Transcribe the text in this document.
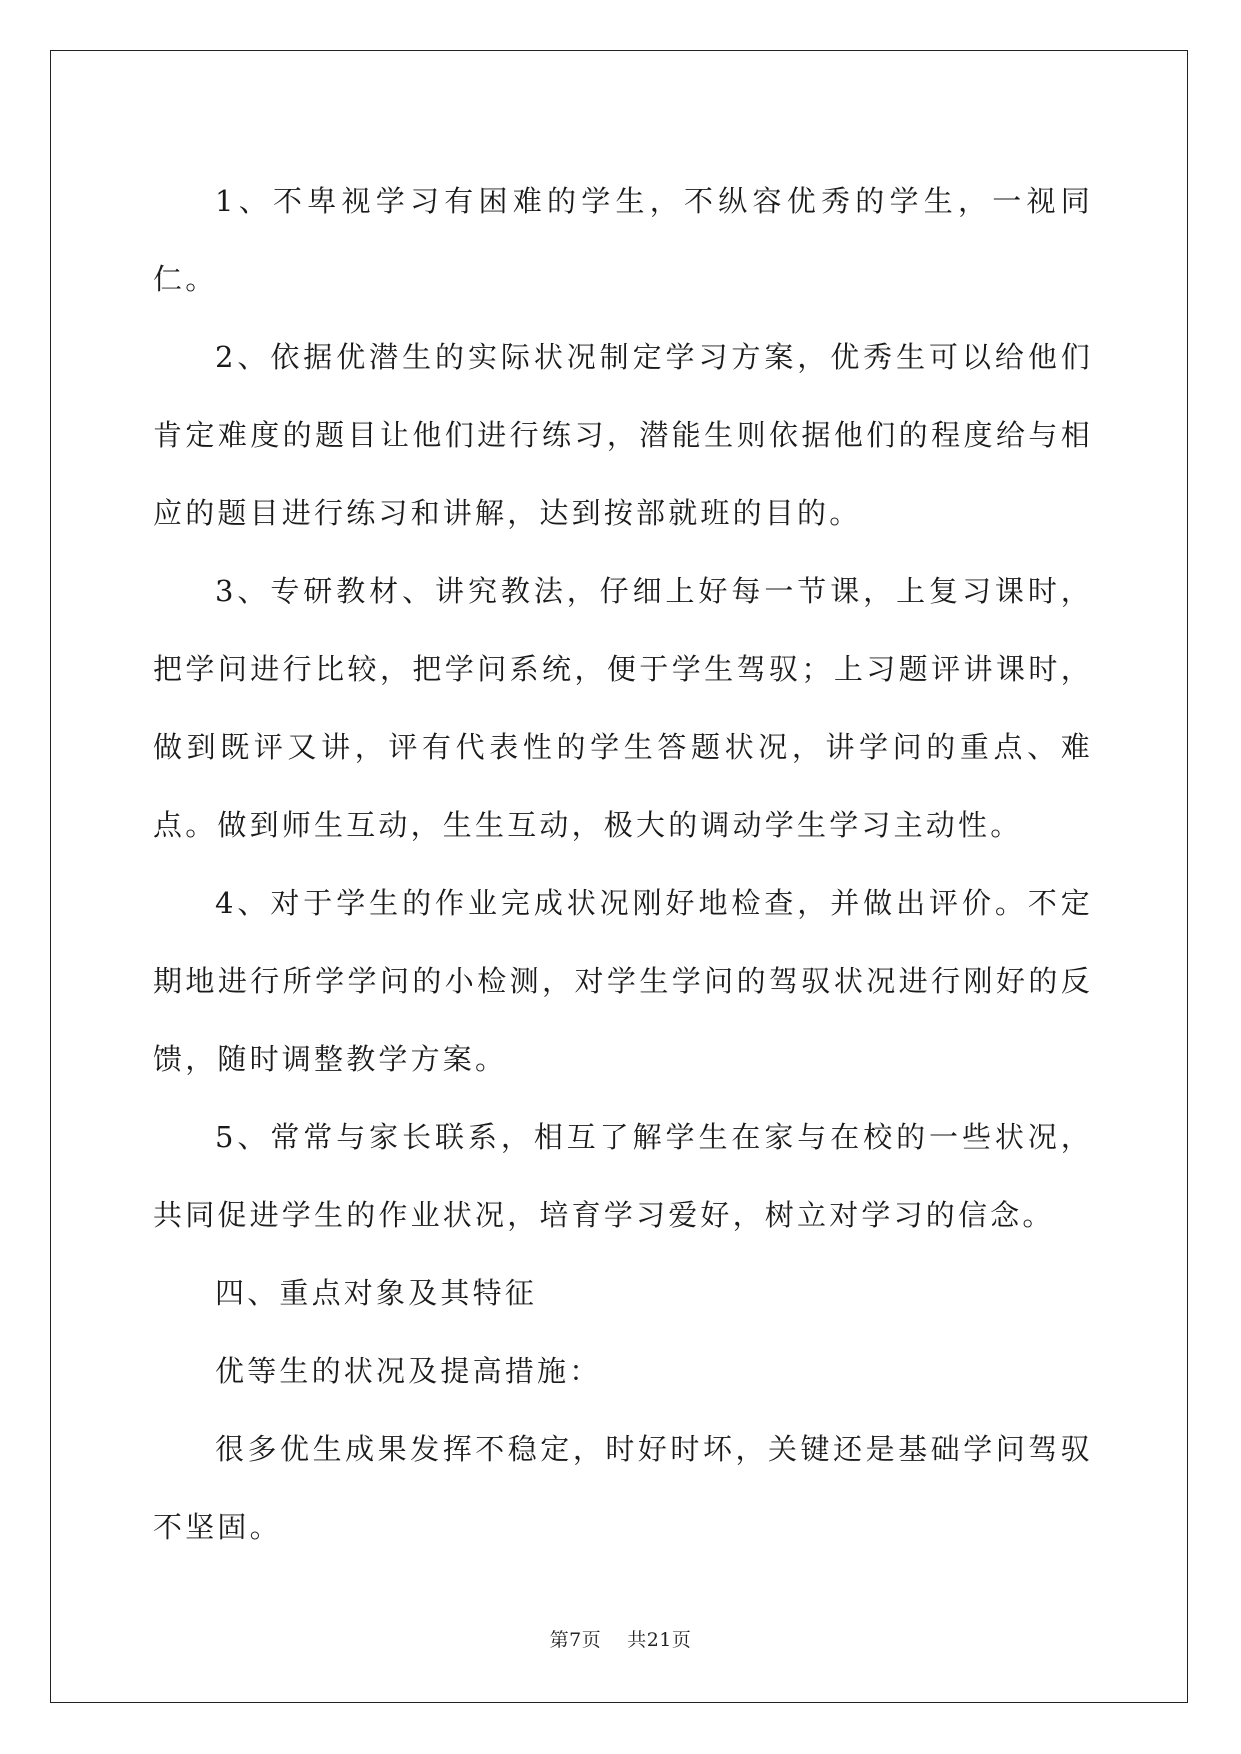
1、不卑视学习有困难的学生，不纵容优秀的学生，一视同仁。

2、依据优潜生的实际状况制定学习方案，优秀生可以给他们肯定难度的题目让他们进行练习，潜能生则依据他们的程度给与相应的题目进行练习和讲解，达到按部就班的目的。

3、专研教材、讲究教法，仔细上好每一节课，上复习课时，把学问进行比较，把学问系统，便于学生驾驭；上习题评讲课时，做到既评又讲，评有代表性的学生答题状况，讲学问的重点、难点。做到师生互动，生生互动，极大的调动学生学习主动性。

4、对于学生的作业完成状况刚好地检查，并做出评价。不定期地进行所学学问的小检测，对学生学问的驾驭状况进行刚好的反馈，随时调整教学方案。

5、常常与家长联系，相互了解学生在家与在校的一些状况，共同促进学生的作业状况，培育学习爱好，树立对学习的信念。

四、重点对象及其特征

优等生的状况及提高措施：

很多优生成果发挥不稳定，时好时坏，关键还是基础学问驾驭不坚固。

第7页 共21页
